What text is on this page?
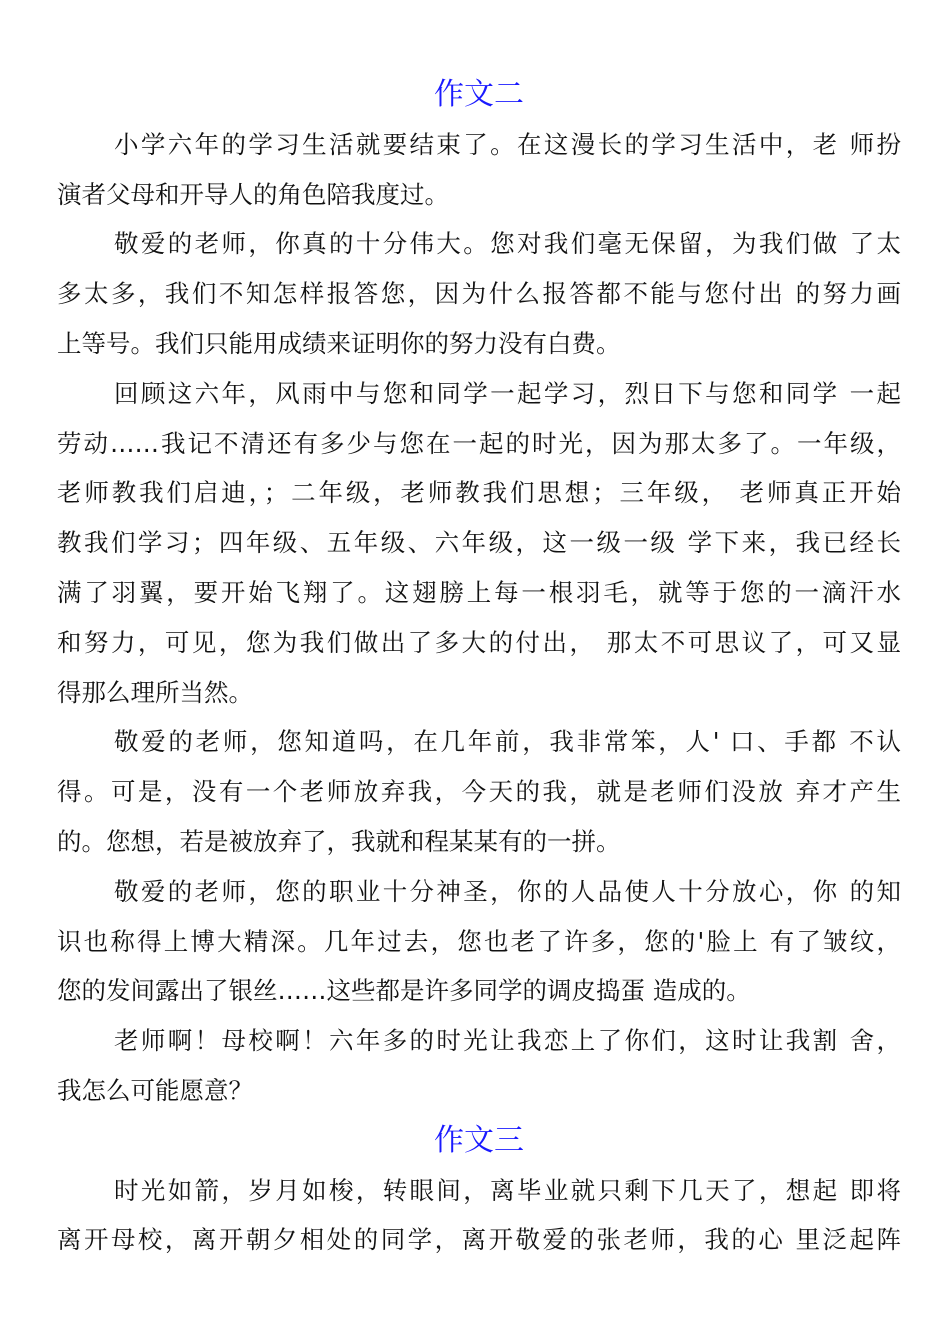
作文二
小学六年的学习生活就要结束了。在这漫长的学习生活中，老 师扮
演者父母和开导人的角色陪我度过。
敬爱的老师，你真的十分伟大。您对我们毫无保留，为我们做 了太
多太多，我们不知怎样报答您，因为什么报答都不能与您付出 的努力画
上等号。我们只能用成绩来证明你的努力没有白费。
回顾这六年，风雨中与您和同学一起学习，烈日下与您和同学 一起
劳动……我记不清还有多少与您在一起的时光，因为那太多了。一年级，
老师教我们启迪，；二年级，老师教我们思想；三年级， 老师真正开始
教我们学习；四年级、五年级、六年级，这一级一级 学下来，我已经长
满了羽翼，要开始飞翔了。这翅膀上每一根羽毛，就等于您的一滴汗水
和努力，可见，您为我们做出了多大的付出， 那太不可思议了，可又显
得那么理所当然。
敬爱的老师，您知道吗，在几年前，我非常笨，人' 口、手都 不认
得。可是，没有一个老师放弃我，今天的我，就是老师们没放 弃才产生
的。您想，若是被放弃了，我就和程某某有的一拼。
敬爱的老师，您的职业十分神圣，你的人品使人十分放心，你 的知
识也称得上博大精深。几年过去，您也老了许多，您的'脸上 有了皱纹，
您的发间露出了银丝……这些都是许多同学的调皮捣蛋 造成的。
老师啊！母校啊！六年多的时光让我恋上了你们，这时让我割 舍，
我怎么可能愿意？
作文三
时光如箭，岁月如梭，转眼间，离毕业就只剩下几天了，想起 即将
离开母校，离开朝夕相处的同学，离开敬爱的张老师，我的心 里泛起阵
